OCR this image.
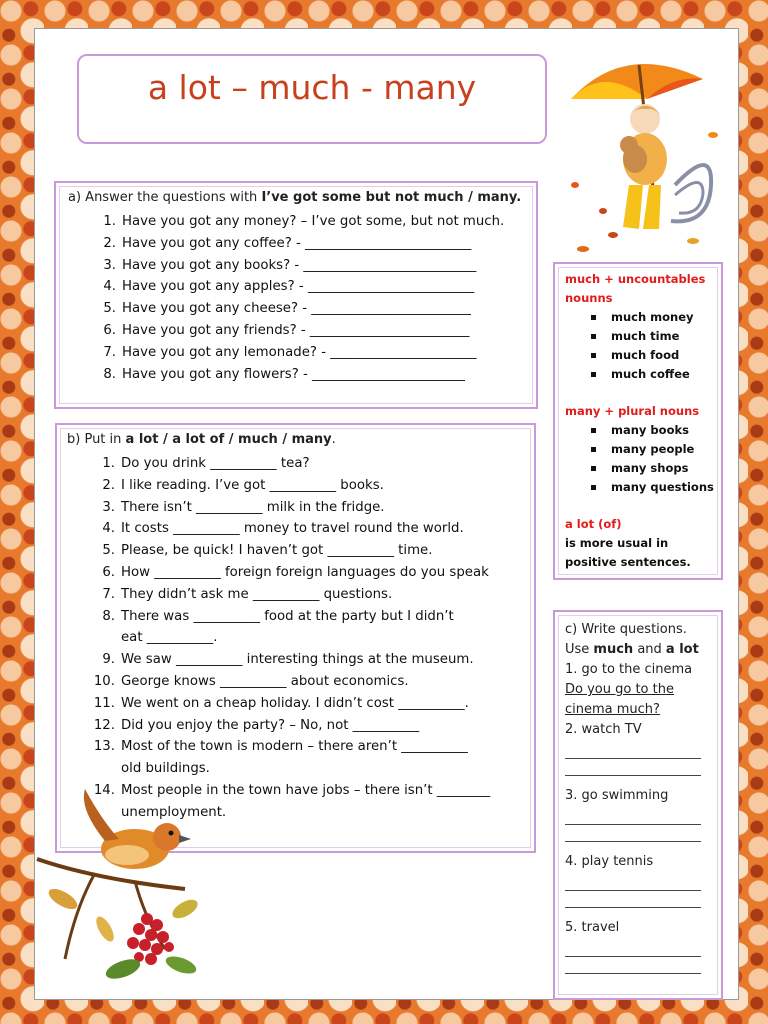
a lot – much - many
a) Answer the questions with I’ve got some but not much / many.
1. Have you got any money? – I’ve got some, but not much.
2. Have you got any coffee? - _________________________
3. Have you got any books? - __________________________
4. Have you got any apples? - _________________________
5. Have you got any cheese? - ________________________
6. Have you got any friends? - ________________________
7. Have you got any lemonade? - ______________________
8. Have you got any flowers? - _______________________
b) Put in a lot / a lot of / much / many.
1. Do you drink __________ tea?
2. I like reading. I’ve got __________ books.
3. There isn’t __________ milk in the fridge.
4. It costs __________ money to travel round the world.
5. Please, be quick! I haven’t got __________ time.
6. How __________ foreign foreign languages do you speak
7. They didn’t ask me __________ questions.
8. There was __________ food at the party but I didn’t
eat __________.
9. We saw __________ interesting things at the museum.
10. George knows __________ about economics.
11. We went on a cheap holiday. I didn’t cost __________.
12. Did you enjoy the party? – No, not __________
13. Most of the town is modern – there aren’t __________
old buildings.
14. Most people in the town have jobs – there isn’t ________
unemployment.
much + uncountables
nounns
much money
much time
much food
much coffee
many + plural nouns
many books
many people
many shops
many questions
a lot (of)
is more usual in
positive sentences.
c) Write questions.
Use much and a lot
1. go to the cinema
Do you go to the
cinema much?
2. watch TV
3. go swimming
4. play tennis
5. travel
